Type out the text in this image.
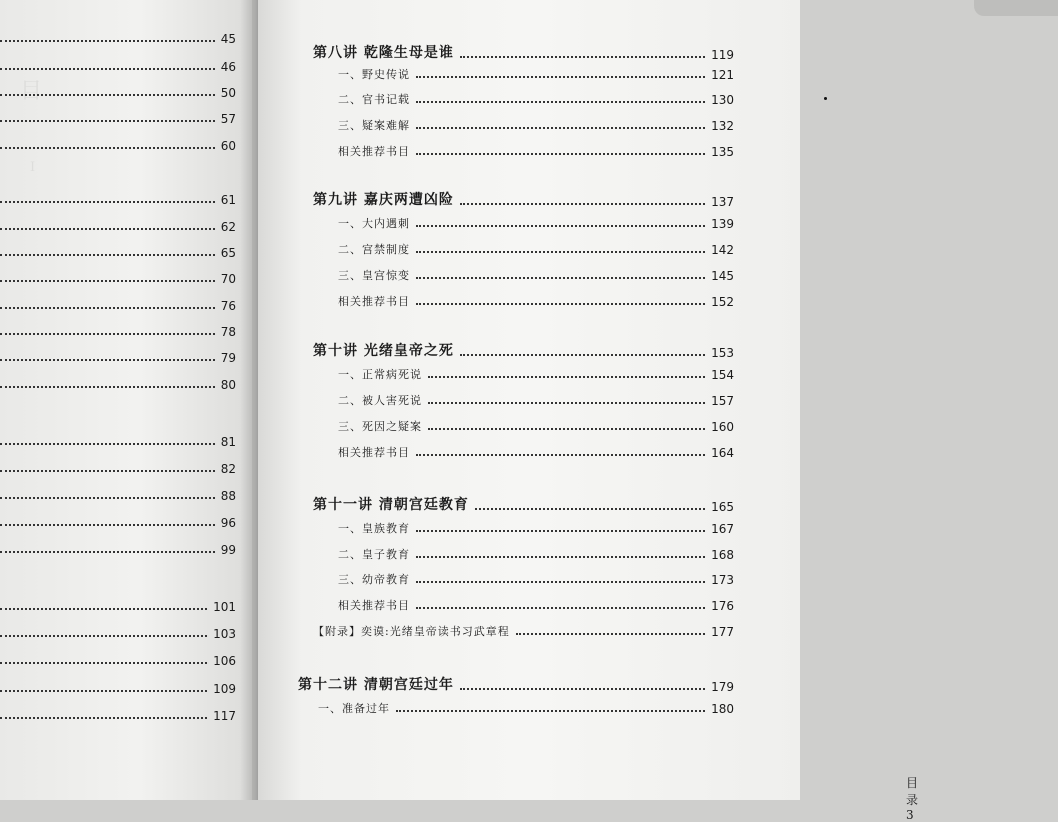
目
Ⅰ
45
46
50
57
60
61
62
65
70
76
78
79
80
81
82
88
96
99
101
103
106
109
117
第八讲 乾隆生母是谁	119
一、野史传说	121
二、官书记载	130
三、疑案难解	132
相关推荐书目	135
第九讲 嘉庆两遭凶险	137
一、大内遇刺	139
二、宫禁制度	142
三、皇宫惊变	145
相关推荐书目	152
第十讲 光绪皇帝之死	153
一、正常病死说	154
二、被人害死说	157
三、死因之疑案	160
相关推荐书目	164
第十一讲 清朝宫廷教育	165
一、皇族教育	167
二、皇子教育	168
三、幼帝教育	173
相关推荐书目	176
【附录】奕谟:光绪皇帝读书习武章程	177
第十二讲 清朝宫廷过年	179
一、准备过年	180
目 录 3
